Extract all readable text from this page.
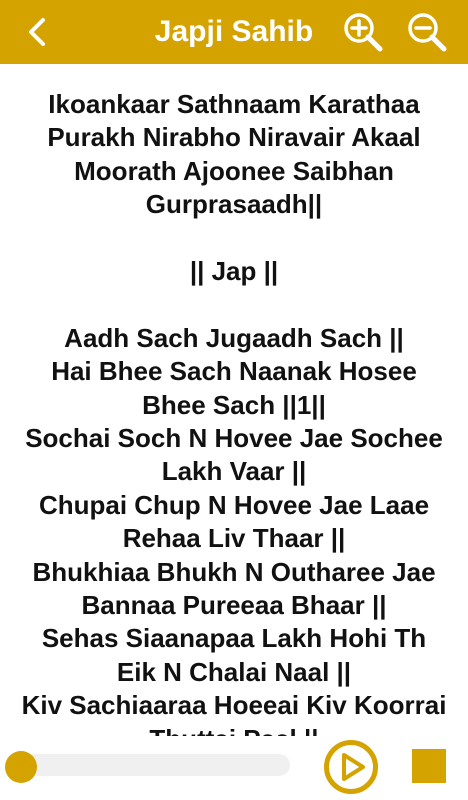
Japji Sahib

Ikoankaar Sathnaam Karathaa

Purakh Nirabho Niravair Akaal

Moorath Ajoonee Saibhan

Gurprasaadh||

|| Jap ||

Aadh Sach Jugaadh Sach ||

Hai Bhee Sach Naanak Hosee

Bhee Sach ||1||

Sochai Soch N Hovee Jae Sochee

Lakh Vaar ||

Chupai Chup N Hovee Jae Laae

Rehaa Liv Thaar ||

Bhukhiaa Bhukh N Outharee Jae

Bannaa Pureeaa Bhaar ||

Sehas Siaanapaa Lakh Hohi Th

Eik N Chalai Naal ||

Kiv Sachiaaraa Hoeeai Kiv Koorrai
